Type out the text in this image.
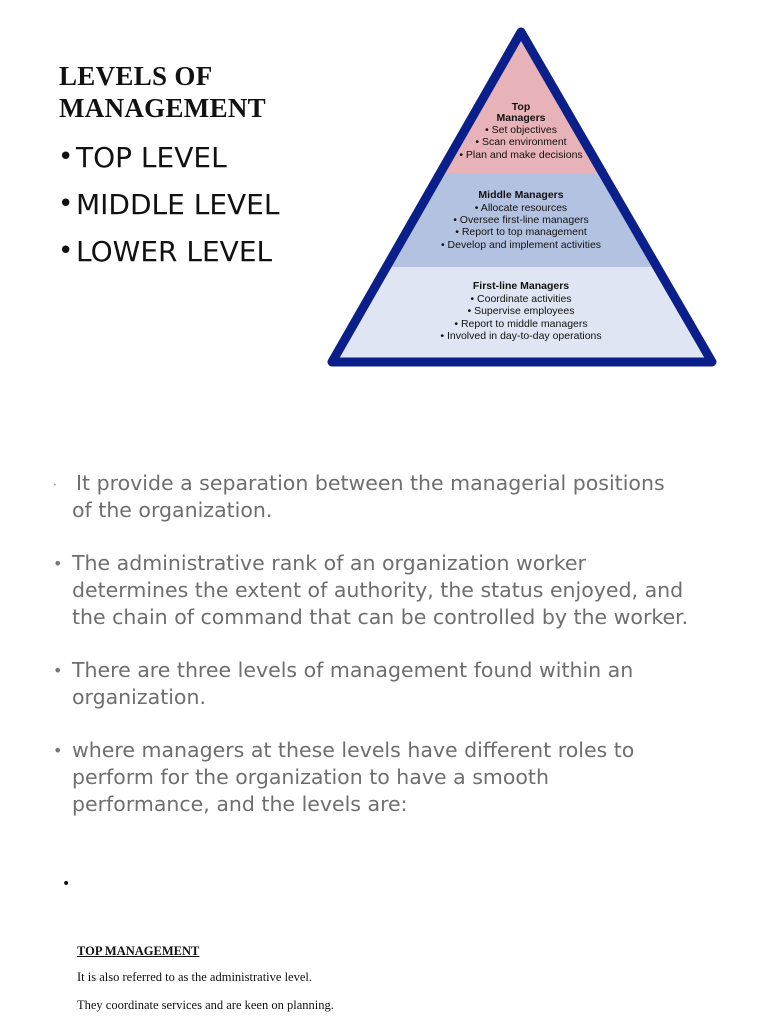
LEVELS OF
MANAGEMENT
•TOP LEVEL
•MIDDLE LEVEL
•LOWER LEVEL
Top
Managers
• Set objectives
• Scan environment
• Plan and make decisions
Middle Managers
• Allocate resources
• Oversee first-line managers
• Report to top management
• Develop and implement activities
First-line Managers
• Coordinate activities
• Supervise employees
• Report to middle managers
• Involved in day-to-day operations
· It provide a separation between the managerial positions of the organization.
• The administrative rank of an organization worker determines the extent of authority, the status enjoyed, and the chain of command that can be controlled by the worker.
• There are three levels of management found within an organization.
• where managers at these levels have different roles to perform for the organization to have a smooth performance, and the levels are:
•
TOP MANAGEMENT

It is also referred to as the administrative level.

They coordinate services and are keen on planning.
